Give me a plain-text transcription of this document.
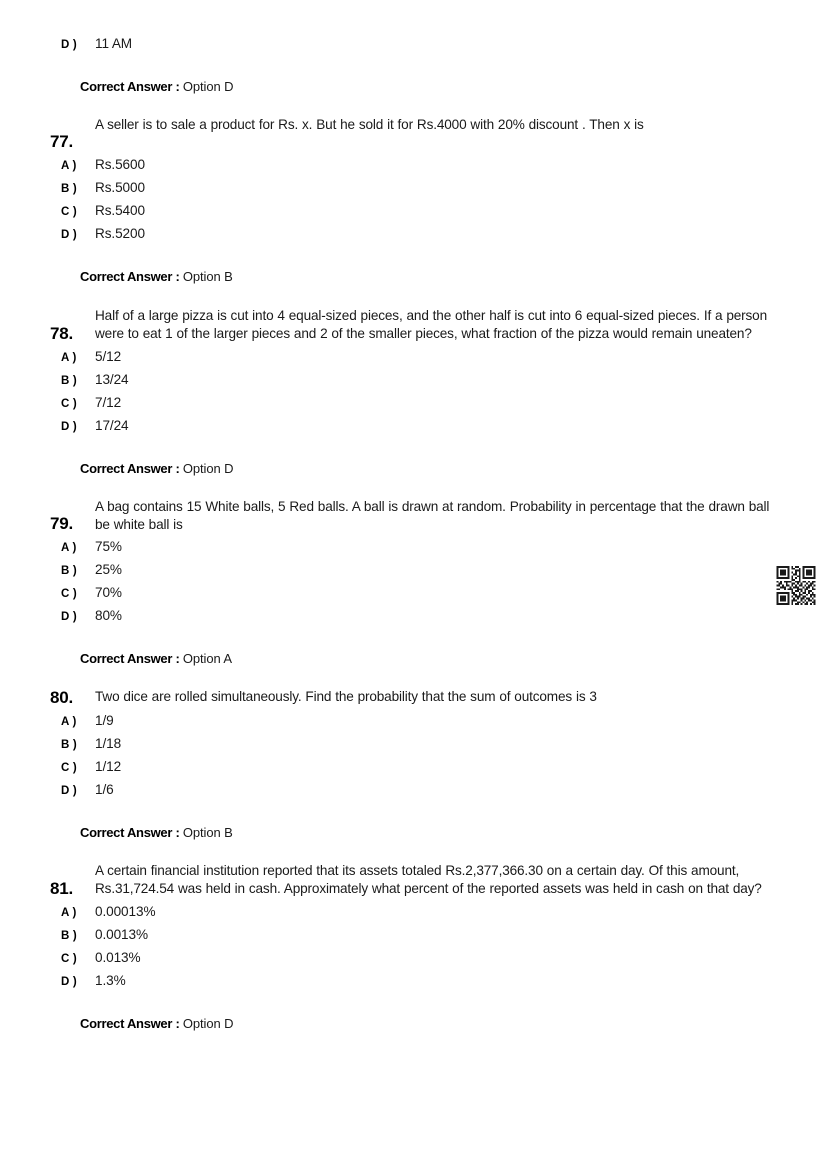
D )	11 AM
Correct Answer : Option D
77.
A seller is to sale a product for Rs. x. But he sold it for Rs.4000 with 20% discount . Then x is
A )	Rs.5600
B )	Rs.5000
C )	Rs.5400
D )	Rs.5200
Correct Answer : Option B
78.
Half of a large pizza is cut into 4 equal-sized pieces, and the other half is cut into 6 equal-sized pieces. If a person were to eat 1 of the larger pieces and 2 of the smaller pieces, what fraction of the pizza would remain uneaten?
A )	5/12
B )	13/24
C )	7/12
D )	17/24
Correct Answer : Option D
79.
A bag contains 15 White balls, 5 Red balls. A ball is drawn at random. Probability in percentage that the drawn ball be white ball is
A )	75%
B )	25%
C )	70%
D )	80%
Correct Answer : Option A
80.	Two dice are rolled simultaneously. Find the probability that the sum of outcomes is 3
A )	1/9
B )	1/18
C )	1/12
D )	1/6
Correct Answer : Option B
81.
A certain financial institution reported that its assets totaled Rs.2,377,366.30 on a certain day. Of this amount, Rs.31,724.54 was held in cash. Approximately what percent of the reported assets was held in cash on that day?
A )	0.00013%
B )	0.0013%
C )	0.013%
D )	1.3%
Correct Answer : Option D
